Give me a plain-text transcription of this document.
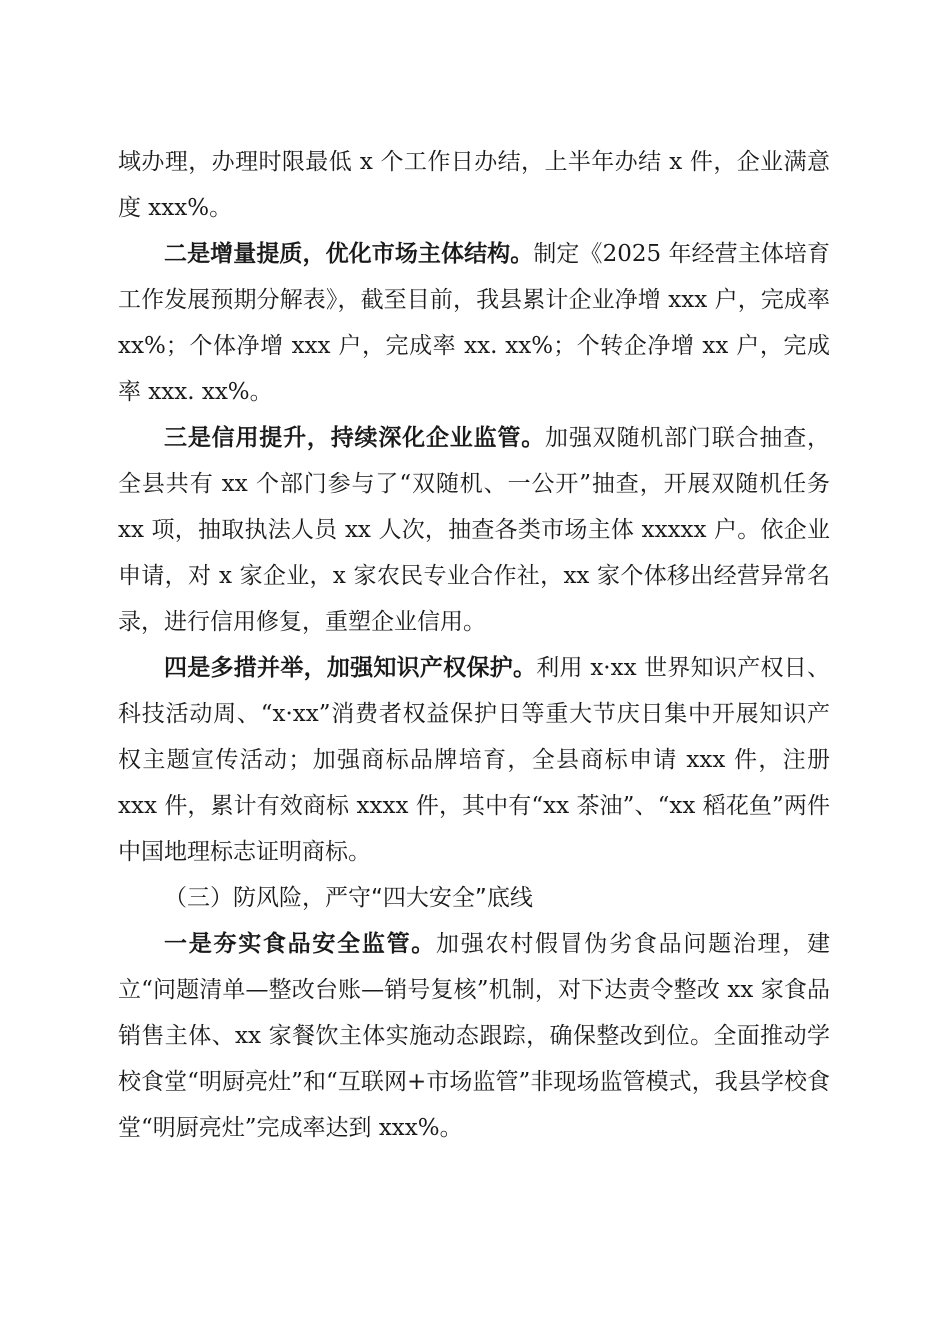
域办理，办理时限最低 x 个工作日办结，上半年办结 x 件，企业满意度 xxx%。

二是增量提质，优化市场主体结构。制定《2025 年经营主体培育工作发展预期分解表》，截至目前，我县累计企业净增 xxx 户，完成率 xx%；个体净增 xxx 户，完成率 xx. xx%；个转企净增 xx 户，完成率 xxx. xx%。

三是信用提升，持续深化企业监管。加强双随机部门联合抽查，全县共有 xx 个部门参与了“双随机、一公开”抽查，开展双随机任务 xx 项，抽取执法人员 xx 人次，抽查各类市场主体 xxxxx 户。依企业申请，对 x 家企业，x 家农民专业合作社，xx 家个体移出经营异常名录，进行信用修复，重塑企业信用。

四是多措并举，加强知识产权保护。利用 x·xx 世界知识产权日、科技活动周、“x·xx”消费者权益保护日等重大节庆日集中开展知识产权主题宣传活动；加强商标品牌培育，全县商标申请 xxx 件，注册 xxx 件，累计有效商标 xxxx 件，其中有“xx 茶油”、“xx 稻花鱼”两件中国地理标志证明商标。

（三）防风险，严守“四大安全”底线

一是夯实食品安全监管。加强农村假冒伪劣食品问题治理，建立“问题清单—整改台账—销号复核”机制，对下达责令整改 xx 家食品销售主体、xx 家餐饮主体实施动态跟踪，确保整改到位。全面推动学校食堂“明厨亮灶”和“互联网+市场监管”非现场监管模式，我县学校食堂“明厨亮灶”完成率达到 xxx%。
